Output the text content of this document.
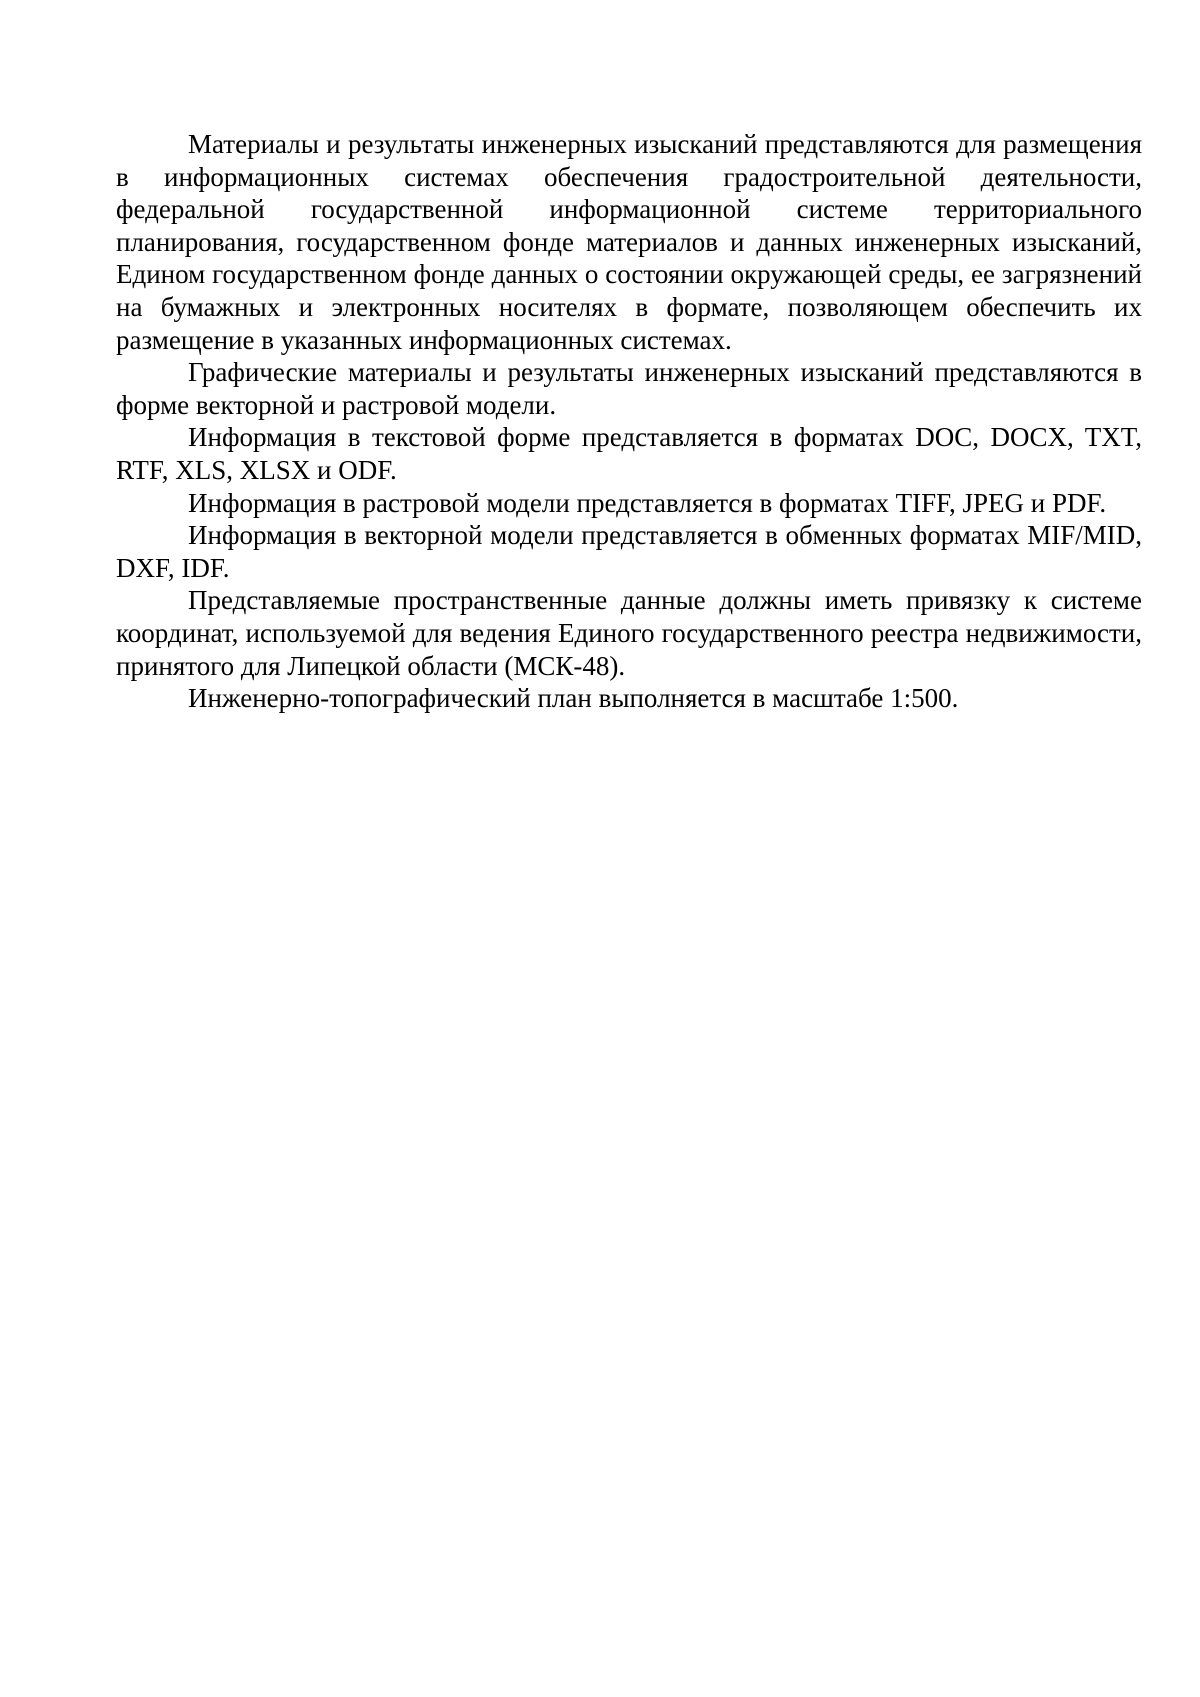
Материалы и результаты инженерных изысканий представляются для размещения в информационных системах обеспечения градостроительной деятельности, федеральной государственной информационной системе территориального планирования, государственном фонде материалов и данных инженерных изысканий, Едином государственном фонде данных о состоянии окружающей среды, ее загрязнений на бумажных и электронных носителях в формате, позволяющем обеспечить их размещение в указанных информационных системах.

Графические материалы и результаты инженерных изысканий представляются в форме векторной и растровой модели.

Информация в текстовой форме представляется в форматах DOC, DOCX, TXT, RTF, XLS, XLSX и ODF.

Информация в растровой модели представляется в форматах TIFF, JPEG и PDF.

Информация в векторной модели представляется в обменных форматах MIF/MID, DXF, IDF.

Представляемые пространственные данные должны иметь привязку к системе координат, используемой для ведения Единого государственного реестра недвижимости, принятого для Липецкой области (МСК-48).

Инженерно-топографический план выполняется в масштабе 1:500.
